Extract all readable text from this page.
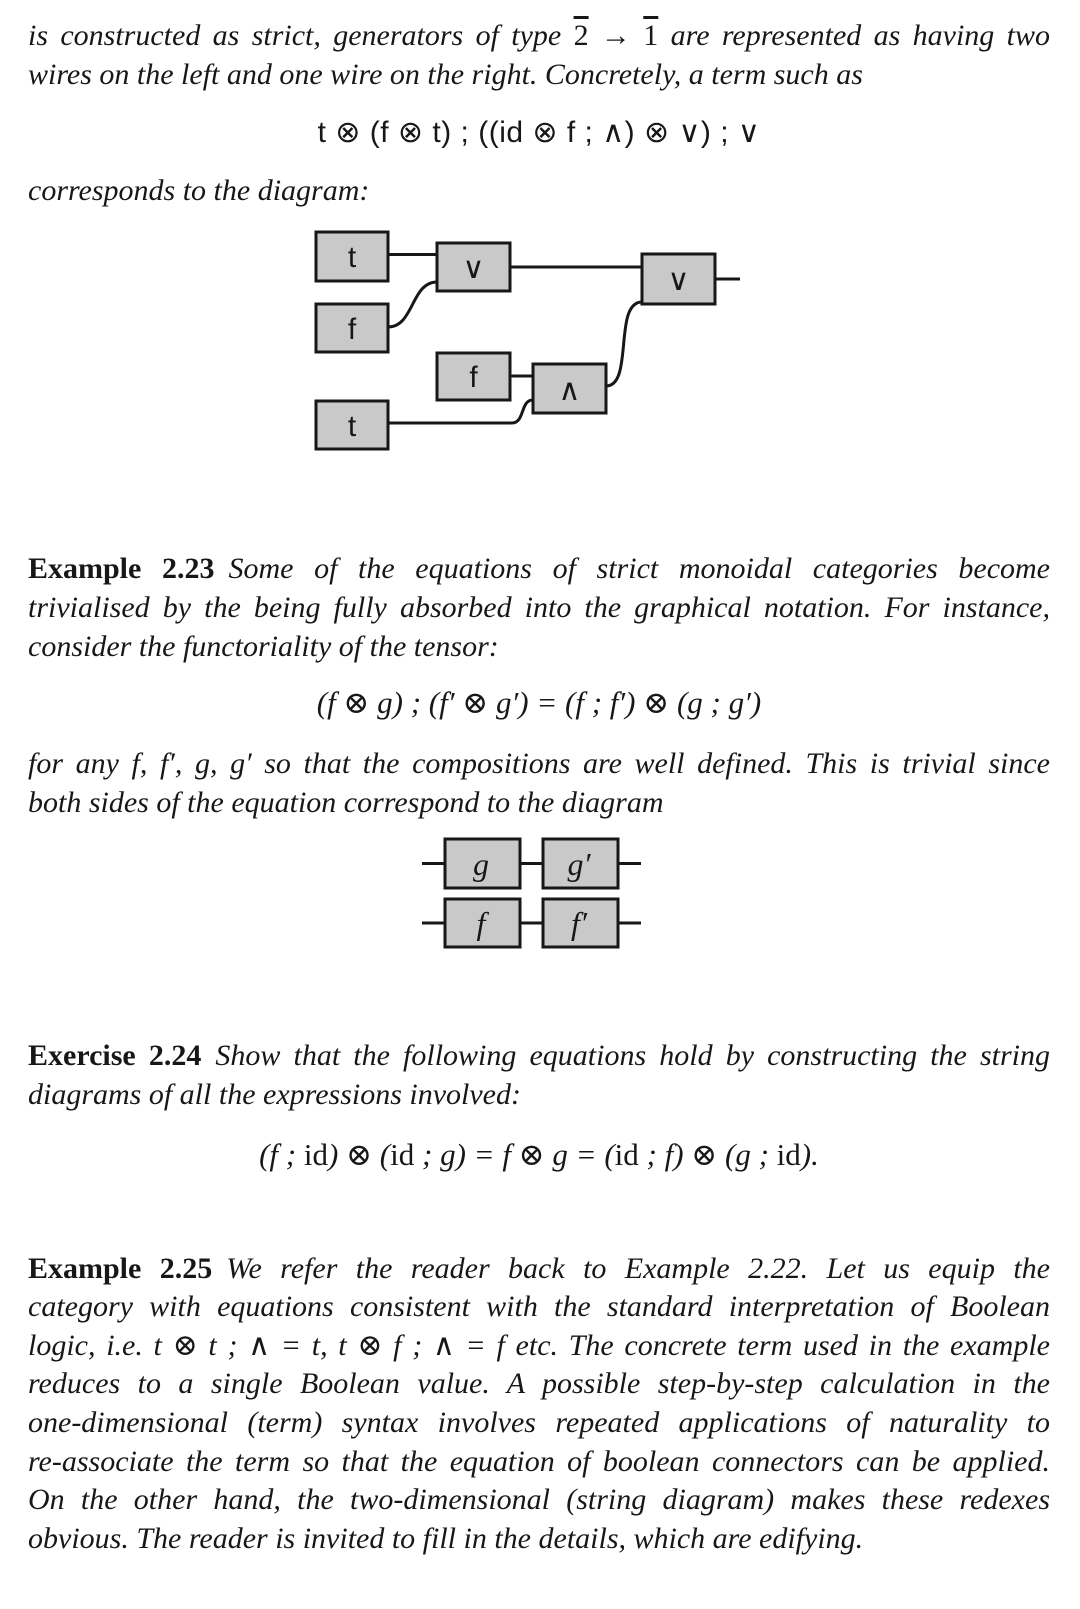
is constructed as strict, generators of type 2 → 1 are represented as having two
wires on the left and one wire on the right. Concretely, a term such as
t ⊗ (f ⊗ t) ; ((id ⊗ f ; ∧) ⊗ ∨) ; ∨
corresponds to the diagram:
t	∨
f
f	∧
t
∨
Example 2.23 Some of the equations of strict monoidal categories become
trivialised by the being fully absorbed into the graphical notation. For instance,
consider the functoriality of the tensor:
(f ⊗ g) ; (f′ ⊗ g′) = (f ; f′) ⊗ (g ; g′)
for any f, f′, g, g′ so that the compositions are well defined. This is trivial since
both sides of the equation correspond to the diagram
g g′
f	f′
Exercise 2.24 Show that the following equations hold by constructing the string
diagrams of all the expressions involved:
(f ; id) ⊗ (id ; g) = f ⊗ g = (id ; f) ⊗ (g ; id).
Example 2.25 We refer the reader back to Example 2.22. Let us equip the
category with equations consistent with the standard interpretation of Boolean
logic, i.e. t ⊗ t ; ∧ = t, t ⊗ f ; ∧ = f etc. The concrete term used in the example
reduces to a single Boolean value. A possible step-by-step calculation in the
one-dimensional (term) syntax involves repeated applications of naturality to
re-associate the term so that the equation of boolean connectors can be applied.
On the other hand, the two-dimensional (string diagram) makes these redexes
obvious. The reader is invited to fill in the details, which are edifying.
